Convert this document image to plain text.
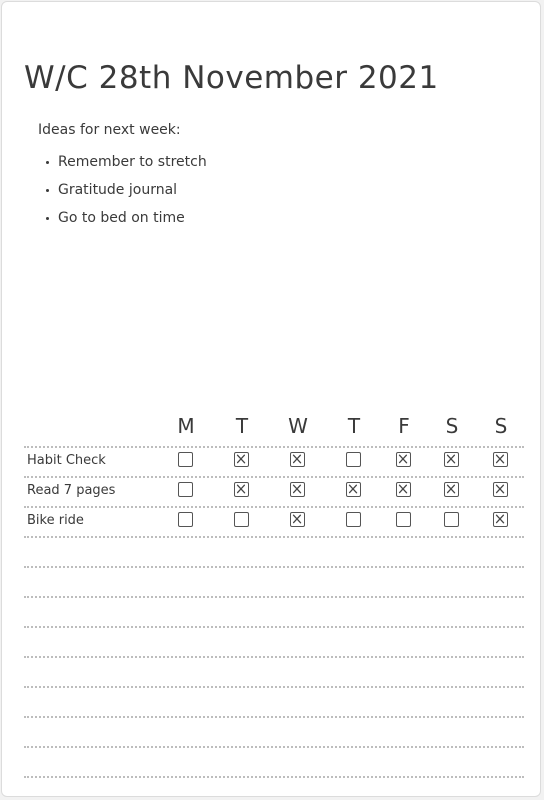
W/C 28th November 2021
Ideas for next week:
Remember to stretch
Gratitude journal
Go to bed on time
M T W T	F	S S
Habit Check
Read 7 pages
Bike ride
